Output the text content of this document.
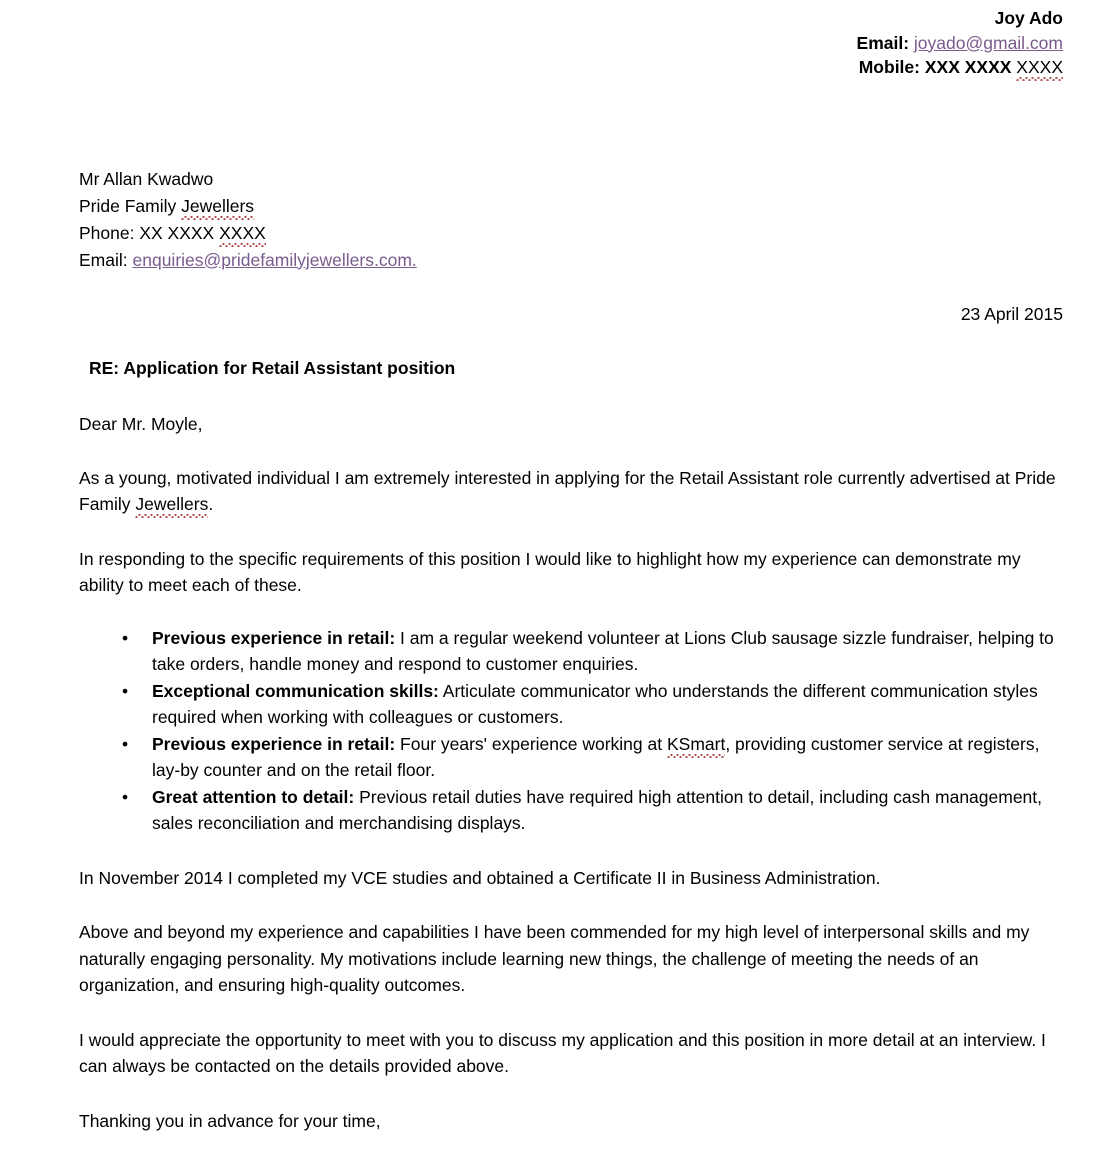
Joy Ado
Email: joyado@gmail.com
Mobile: XXX XXXX XXXX
Mr Allan Kwadwo
Pride Family Jewellers
Phone: XX XXXX XXXX
Email: enquiries@pridefamilyjewellers.com.
23 April 2015
RE: Application for Retail Assistant position
Dear Mr. Moyle,

As a young, motivated individual I am extremely interested in applying for the Retail Assistant role currently advertised at Pride Family Jewellers.

In responding to the specific requirements of this position I would like to highlight how my experience can demonstrate my ability to meet each of these.

• Previous experience in retail: I am a regular weekend volunteer at Lions Club sausage sizzle fundraiser, helping to take orders, handle money and respond to customer enquiries.
• Exceptional communication skills: Articulate communicator who understands the different communication styles required when working with colleagues or customers.
• Previous experience in retail: Four years' experience working at KSmart, providing customer service at registers, lay-by counter and on the retail floor.
• Great attention to detail: Previous retail duties have required high attention to detail, including cash management, sales reconciliation and merchandising displays.

In November 2014 I completed my VCE studies and obtained a Certificate II in Business Administration.

Above and beyond my experience and capabilities I have been commended for my high level of interpersonal skills and my naturally engaging personality. My motivations include learning new things, the challenge of meeting the needs of an organization, and ensuring high-quality outcomes.

I would appreciate the opportunity to meet with you to discuss my application and this position in more detail at an interview. I can always be contacted on the details provided above.

Thanking you in advance for your time,
